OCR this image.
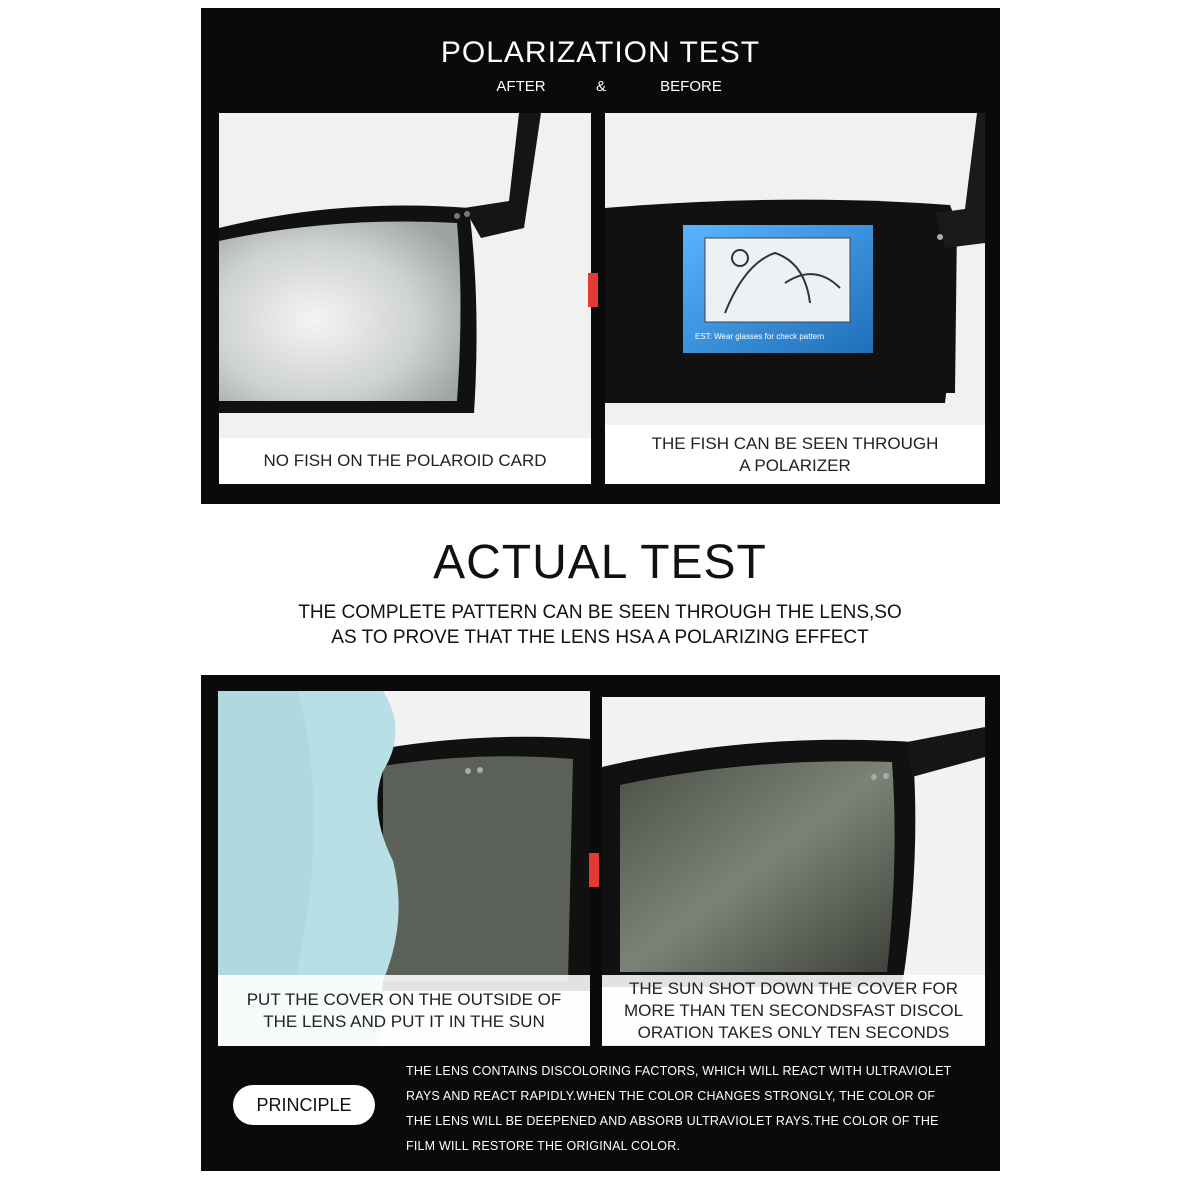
POLARIZATION TEST
AFTER	&	BEFORE
NO FISH ON THE POLAROID CARD
EST: Wear glasses for check pattern
THE FISH CAN BE SEEN THROUGH
A POLARIZER
ACTUAL TEST
THE COMPLETE PATTERN CAN BE SEEN THROUGH THE LENS,SO
AS TO PROVE THAT THE LENS HSA A POLARIZING EFFECT
PUT THE COVER ON THE OUTSIDE OF
THE LENS AND PUT IT IN THE SUN
THE SUN SHOT DOWN THE COVER FOR
MORE THAN TEN SECONDSFAST DISCOL
ORATION TAKES ONLY TEN SECONDS
PRINCIPLE
THE LENS CONTAINS DISCOLORING FACTORS, WHICH WILL REACT WITH ULTRAVIOLET
RAYS AND REACT RAPIDLY.WHEN THE COLOR CHANGES STRONGLY, THE COLOR OF
THE LENS WILL BE DEEPENED AND ABSORB ULTRAVIOLET RAYS.THE COLOR OF THE
FILM WILL RESTORE THE ORIGINAL COLOR.
